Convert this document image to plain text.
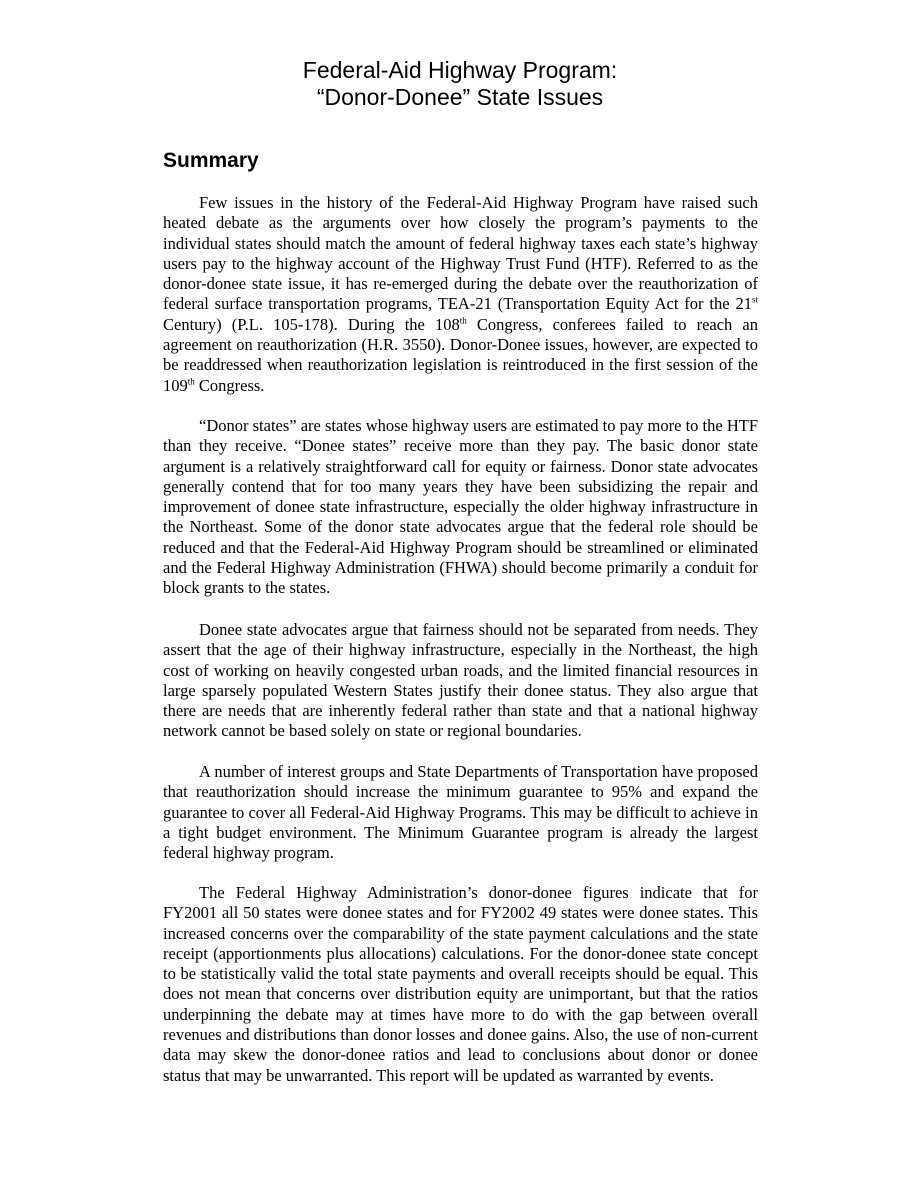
Federal-Aid Highway Program:
“Donor-Donee” State Issues
Summary

Few issues in the history of the Federal-Aid Highway Program have raised such heated debate as the arguments over how closely the program’s payments to the individual states should match the amount of federal highway taxes each state’s highway users pay to the highway account of the Highway Trust Fund (HTF). Referred to as the donor-donee state issue, it has re-emerged during the debate over the reauthorization of federal surface transportation programs, TEA-21 (Transportation Equity Act for the 21st Century) (P.L. 105-178). During the 108th Congress, conferees failed to reach an agreement on reauthorization (H.R. 3550). Donor-Donee issues, however, are expected to be readdressed when reauthorization legislation is reintroduced in the first session of the 109th Congress.

“Donor states” are states whose highway users are estimated to pay more to the HTF than they receive. “Donee states” receive more than they pay. The basic donor state argument is a relatively straightforward call for equity or fairness. Donor state advocates generally contend that for too many years they have been subsidizing the repair and improvement of donee state infrastructure, especially the older highway infrastructure in the Northeast. Some of the donor state advocates argue that the federal role should be reduced and that the Federal-Aid Highway Program should be streamlined or eliminated and the Federal Highway Administration (FHWA) should become primarily a conduit for block grants to the states.

Donee state advocates argue that fairness should not be separated from needs. They assert that the age of their highway infrastructure, especially in the Northeast, the high cost of working on heavily congested urban roads, and the limited financial resources in large sparsely populated Western States justify their donee status. They also argue that there are needs that are inherently federal rather than state and that a national highway network cannot be based solely on state or regional boundaries.

A number of interest groups and State Departments of Transportation have proposed that reauthorization should increase the minimum guarantee to 95% and expand the guarantee to cover all Federal-Aid Highway Programs. This may be difficult to achieve in a tight budget environment. The Minimum Guarantee program is already the largest federal highway program.

The Federal Highway Administration’s donor-donee figures indicate that for FY2001 all 50 states were donee states and for FY2002 49 states were donee states. This increased concerns over the comparability of the state payment calculations and the state receipt (apportionments plus allocations) calculations. For the donor-donee state concept to be statistically valid the total state payments and overall receipts should be equal. This does not mean that concerns over distribution equity are unimportant, but that the ratios underpinning the debate may at times have more to do with the gap between overall revenues and distributions than donor losses and donee gains. Also, the use of non-current data may skew the donor-donee ratios and lead to conclusions about donor or donee status that may be unwarranted. This report will be updated as warranted by events.
